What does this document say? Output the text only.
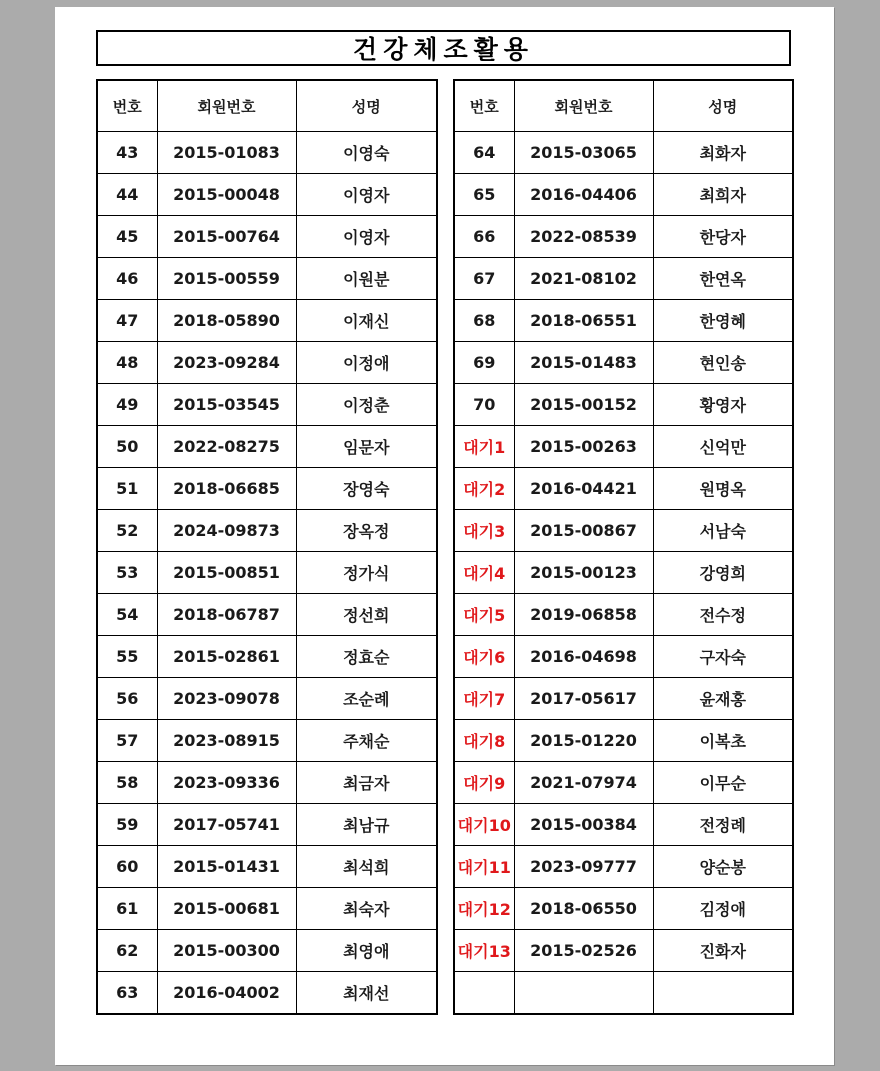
건강체조활용
번호	회원번호	성명
43	2015-01083	이영숙
44	2015-00048	이영자
45	2015-00764	이영자
46	2015-00559	이원분
47	2018-05890	이재신
48	2023-09284	이정애
49	2015-03545	이정춘
50	2022-08275	임문자
51	2018-06685	장영숙
52	2024-09873	장옥정
53	2015-00851	정가식
54	2018-06787	정선희
55	2015-02861	정효순
56	2023-09078	조순례
57	2023-08915	주채순
58	2023-09336	최금자
59	2017-05741	최남규
60	2015-01431	최석희
61	2015-00681	최숙자
62	2015-00300	최영애
63	2016-04002	최재선
번호	회원번호	성명
64	2015-03065	최화자
65	2016-04406	최희자
66	2022-08539	한당자
67	2021-08102	한연옥
68	2018-06551	한영혜
69	2015-01483	현인송
70	2015-00152	황영자
대기1	2015-00263	신억만
대기2	2016-04421	원명옥
대기3	2015-00867	서남숙
대기4	2015-00123	강영희
대기5	2019-06858	전수정
대기6	2016-04698	구자숙
대기7	2017-05617	윤재홍
대기8	2015-01220	이복초
대기9	2021-07974	이무순
대기10	2015-00384	전정례
대기11	2023-09777	양순봉
대기12	2018-06550	김정애
대기13	2015-02526	진화자
